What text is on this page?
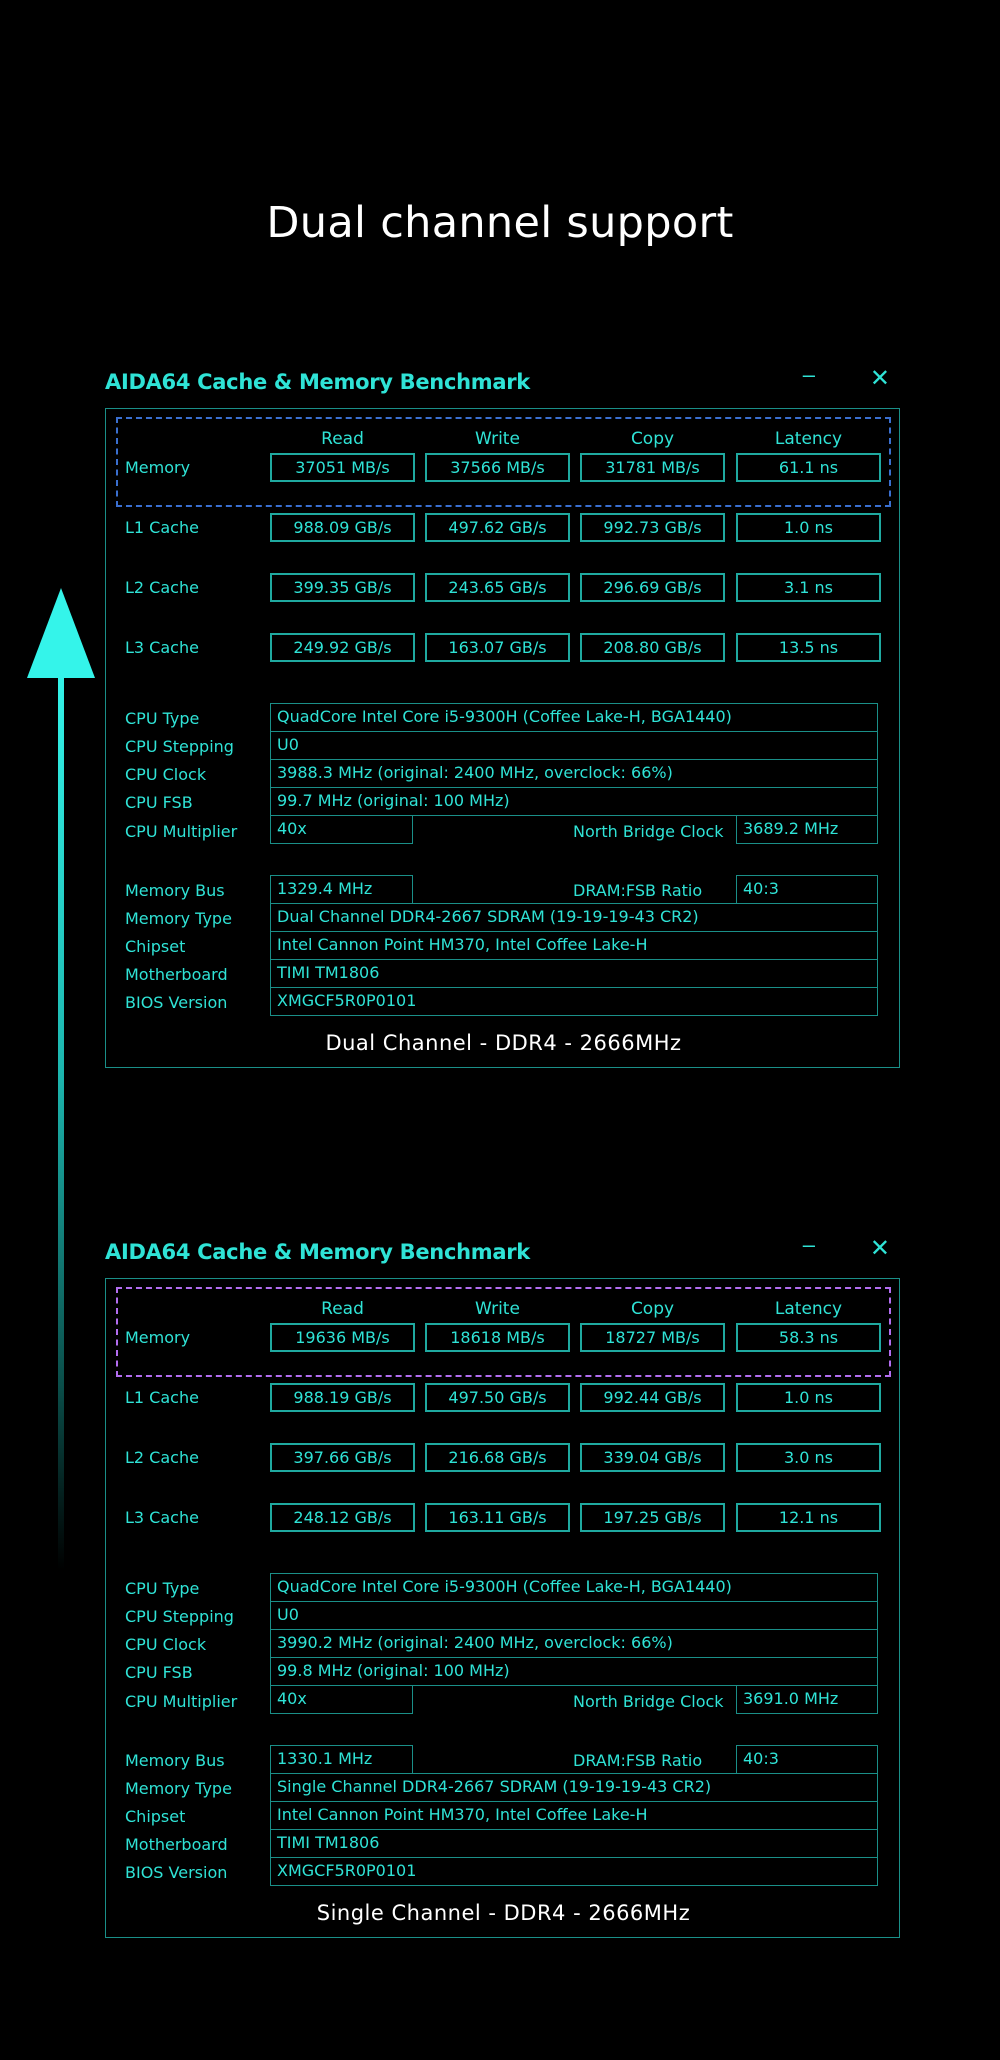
Dual channel support
AIDA64 Cache & Memory Benchmark	– ✕
Read	Write	Copy	Latency
Memory	37051 MB/s	37566 MB/s	31781 MB/s	61.1 ns
L1 Cache	988.09 GB/s	497.62 GB/s	992.73 GB/s	1.0 ns
L2 Cache	399.35 GB/s	243.65 GB/s	296.69 GB/s	3.1 ns
L3 Cache	249.92 GB/s	163.07 GB/s	208.80 GB/s	13.5 ns
CPU Type	QuadCore Intel Core i5-9300H (Coffee Lake-H, BGA1440)
CPU Stepping	U0
CPU Clock	3988.3 MHz (original: 2400 MHz, overclock: 66%)
CPU FSB	99.7 MHz (original: 100 MHz)
CPU Multiplier	40x	North Bridge Clock	3689.2 MHz
Memory Bus	1329.4 MHz	DRAM:FSB Ratio	40:3
Memory Type	Dual Channel DDR4-2667 SDRAM (19-19-19-43 CR2)
Chipset	Intel Cannon Point HM370, Intel Coffee Lake-H
Motherboard	TIMI TM1806
BIOS Version	XMGCF5R0P0101
Dual Channel - DDR4 - 2666MHz
AIDA64 Cache & Memory Benchmark	– ✕
Read	Write	Copy	Latency
Memory	19636 MB/s	18618 MB/s	18727 MB/s	58.3 ns
L1 Cache	988.19 GB/s	497.50 GB/s	992.44 GB/s	1.0 ns
L2 Cache	397.66 GB/s	216.68 GB/s	339.04 GB/s	3.0 ns
L3 Cache	248.12 GB/s	163.11 GB/s	197.25 GB/s	12.1 ns
CPU Type	QuadCore Intel Core i5-9300H (Coffee Lake-H, BGA1440)
CPU Stepping	U0
CPU Clock	3990.2 MHz (original: 2400 MHz, overclock: 66%)
CPU FSB	99.8 MHz (original: 100 MHz)
CPU Multiplier	40x	North Bridge Clock	3691.0 MHz
Memory Bus	1330.1 MHz	DRAM:FSB Ratio	40:3
Memory Type	Single Channel DDR4-2667 SDRAM (19-19-19-43 CR2)
Chipset	Intel Cannon Point HM370, Intel Coffee Lake-H
Motherboard	TIMI TM1806
BIOS Version	XMGCF5R0P0101
Single Channel - DDR4 - 2666MHz
